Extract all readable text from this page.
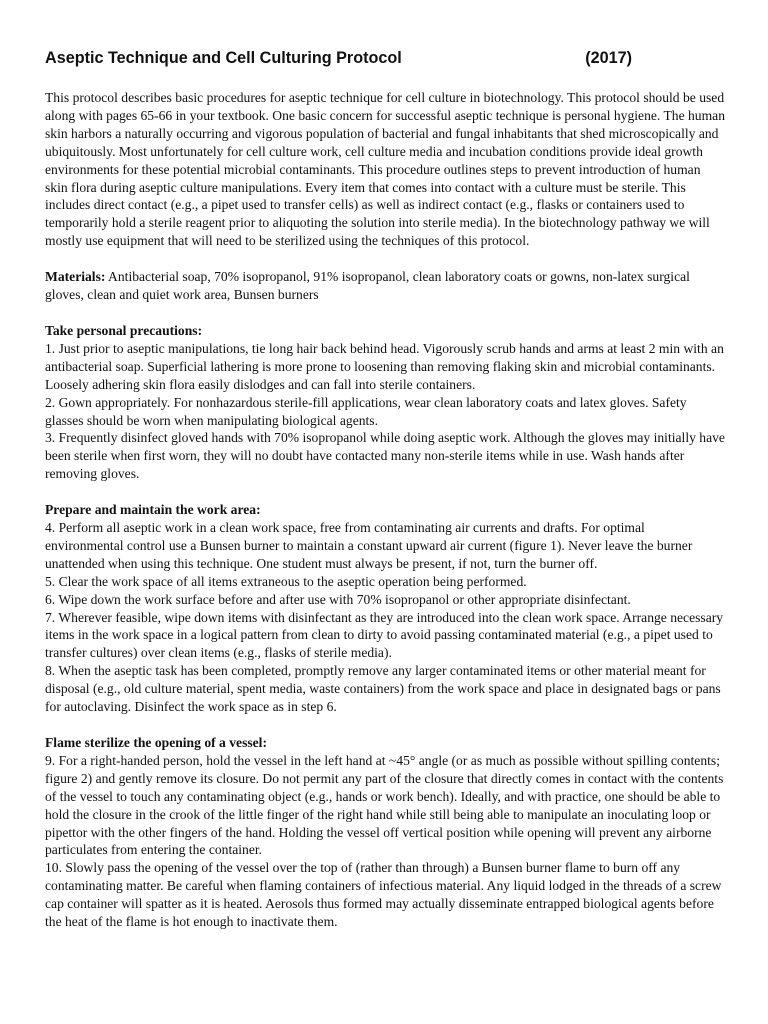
Aseptic Technique and Cell Culturing Protocol	(2017)

This protocol describes basic procedures for aseptic technique for cell culture in biotechnology. This protocol should be used along with pages 65-66 in your textbook. One basic concern for successful aseptic technique is personal hygiene. The human skin harbors a naturally occurring and vigorous population of bacterial and fungal inhabitants that shed microscopically and ubiquitously. Most unfortunately for cell culture work, cell culture media and incubation conditions provide ideal growth environments for these potential microbial contaminants. This procedure outlines steps to prevent introduction of human skin flora during aseptic culture manipulations. Every item that comes into contact with a culture must be sterile. This includes direct contact (e.g., a pipet used to transfer cells) as well as indirect contact (e.g., flasks or containers used to temporarily hold a sterile reagent prior to aliquoting the solution into sterile media). In the biotechnology pathway we will mostly use equipment that will need to be sterilized using the techniques of this protocol.

Materials: Antibacterial soap, 70% isopropanol, 91% isopropanol, clean laboratory coats or gowns, non-latex surgical gloves, clean and quiet work area, Bunsen burners

Take personal precautions:

1. Just prior to aseptic manipulations, tie long hair back behind head. Vigorously scrub hands and arms at least 2 min with an antibacterial soap. Superficial lathering is more prone to loosening than removing flaking skin and microbial contaminants. Loosely adhering skin flora easily dislodges and can fall into sterile containers.

2. Gown appropriately. For nonhazardous sterile-fill applications, wear clean laboratory coats and latex gloves. Safety glasses should be worn when manipulating biological agents.

3. Frequently disinfect gloved hands with 70% isopropanol while doing aseptic work. Although the gloves may initially have been sterile when first worn, they will no doubt have contacted many non-sterile items while in use. Wash hands after removing gloves.

Prepare and maintain the work area:

4. Perform all aseptic work in a clean work space, free from contaminating air currents and drafts. For optimal environmental control use a Bunsen burner to maintain a constant upward air current (figure 1). Never leave the burner unattended when using this technique. One student must always be present, if not, turn the burner off.

5. Clear the work space of all items extraneous to the aseptic operation being performed.

6. Wipe down the work surface before and after use with 70% isopropanol or other appropriate disinfectant.

7. Wherever feasible, wipe down items with disinfectant as they are introduced into the clean work space. Arrange necessary items in the work space in a logical pattern from clean to dirty to avoid passing contaminated material (e.g., a pipet used to transfer cultures) over clean items (e.g., flasks of sterile media).

8. When the aseptic task has been completed, promptly remove any larger contaminated items or other material meant for disposal (e.g., old culture material, spent media, waste containers) from the work space and place in designated bags or pans for autoclaving. Disinfect the work space as in step 6.

Flame sterilize the opening of a vessel:

9. For a right-handed person, hold the vessel in the left hand at ~45° angle (or as much as possible without spilling contents; figure 2) and gently remove its closure. Do not permit any part of the closure that directly comes in contact with the contents of the vessel to touch any contaminating object (e.g., hands or work bench). Ideally, and with practice, one should be able to hold the closure in the crook of the little finger of the right hand while still being able to manipulate an inoculating loop or pipettor with the other fingers of the hand. Holding the vessel off vertical position while opening will prevent any airborne particulates from entering the container.

10. Slowly pass the opening of the vessel over the top of (rather than through) a Bunsen burner flame to burn off any contaminating matter. Be careful when flaming containers of infectious material. Any liquid lodged in the threads of a screw cap container will spatter as it is heated. Aerosols thus formed may actually disseminate entrapped biological agents before the heat of the flame is hot enough to inactivate them.
